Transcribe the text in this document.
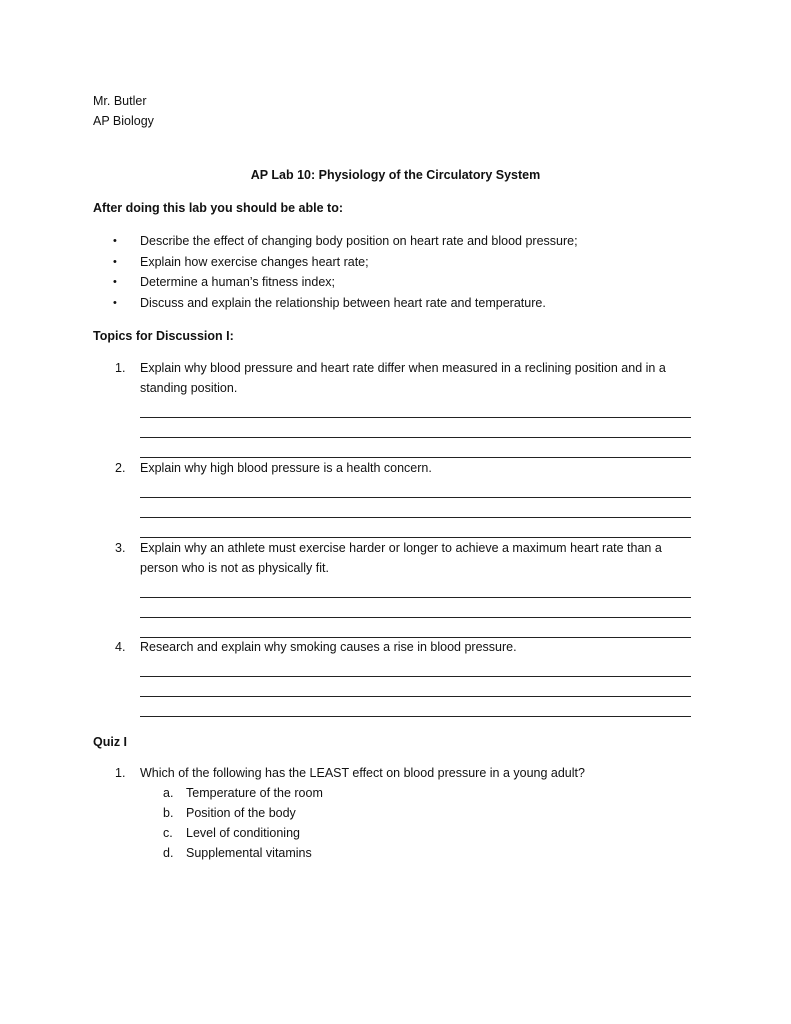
Mr. Butler
AP Biology
AP Lab 10: Physiology of the Circulatory System
After doing this lab you should be able to:
• Describe the effect of changing body position on heart rate and blood pressure;
• Explain how exercise changes heart rate;
• Determine a human’s fitness index;
• Discuss and explain the relationship between heart rate and temperature.
Topics for Discussion I:
1. Explain why blood pressure and heart rate differ when measured in a reclining position and in a standing position.
2. Explain why high blood pressure is a health concern.
3. Explain why an athlete must exercise harder or longer to achieve a maximum heart rate than a person who is not as physically fit.
4. Research and explain why smoking causes a rise in blood pressure.
Quiz I
1. Which of the following has the LEAST effect on blood pressure in a young adult?
a. Temperature of the room
b. Position of the body
c. Level of conditioning
d. Supplemental vitamins
